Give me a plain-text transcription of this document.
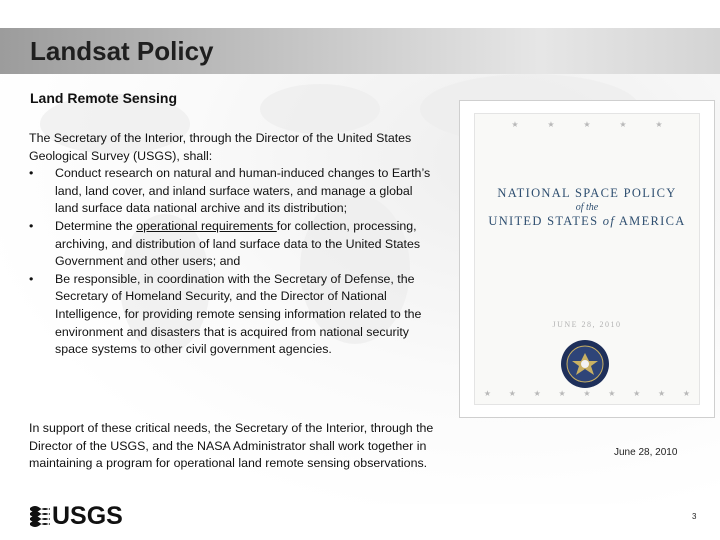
Landsat Policy
Land Remote Sensing

The Secretary of the Interior, through the Director of the United States Geological Survey (USGS), shall:

• Conduct research on natural and human-induced changes to Earth’s land, land cover, and inland surface waters, and manage a global land surface data national archive and its distribution;
• Determine the operational requirements for collection, processing, archiving, and distribution of land surface data to the United States Government and other users; and
• Be responsible, in coordination with the Secretary of Defense, the Secretary of Homeland Security, and the Director of National Intelligence, for providing remote sensing information related to the environment and disasters that is acquired from national security space systems to other civil government agencies.

In support of these critical needs, the Secretary of the Interior, through the Director of the USGS, and the NASA Administrator shall work together in maintaining a program for operational land remote sensing observations.

★	★	★	★	★
NATIONAL SPACE POLICY
of the
UNITED STATES of AMERICA
JUNE 28, 2010
★ ★ ★ ★ ★ ★ ★ ★ ★

June 28, 2010

USGS	3
